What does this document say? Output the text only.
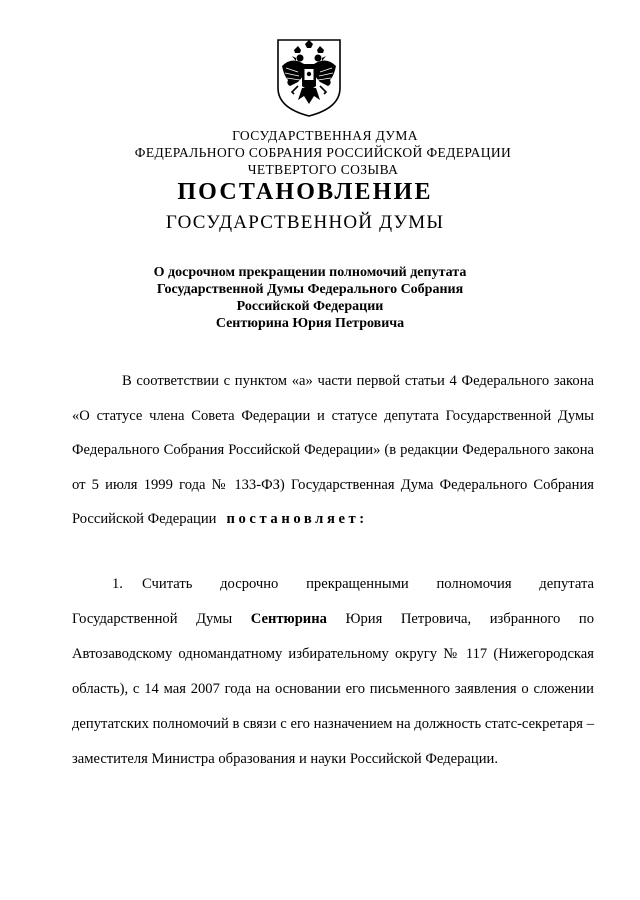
ГОСУДАРСТВЕННАЯ ДУМА
ФЕДЕРАЛЬНОГО СОБРАНИЯ РОССИЙСКОЙ ФЕДЕРАЦИИ
ЧЕТВЕРТОГО СОЗЫВА
ПОСТАНОВЛЕНИЕ
ГОСУДАРСТВЕННОЙ ДУМЫ
О досрочном прекращении полномочий депутата
Государственной Думы Федерального Собрания
Российской Федерации
Сентюрина Юрия Петровича

В соответствии с пунктом «а» части первой статьи 4 Федерального закона «О статусе члена Совета Федерации и статусе депутата Государственной Думы Федерального Собрания Российской Федерации» (в редакции Федерального закона от 5 июля 1999 года № 133-ФЗ) Государственная Дума Федерального Собрания Российской Федерации постановляет:

1. Считать досрочно прекращенными полномочия депутата Государственной Думы Сентюрина Юрия Петровича, избранного по Автозаводскому одномандатному избирательному округу № 117 (Нижегородская область), с 14 мая 2007 года на основании его письменного заявления о сложении депутатских полномочий в связи с его назначением на должность статс-секретаря – заместителя Министра образования и науки Российской Федерации.
